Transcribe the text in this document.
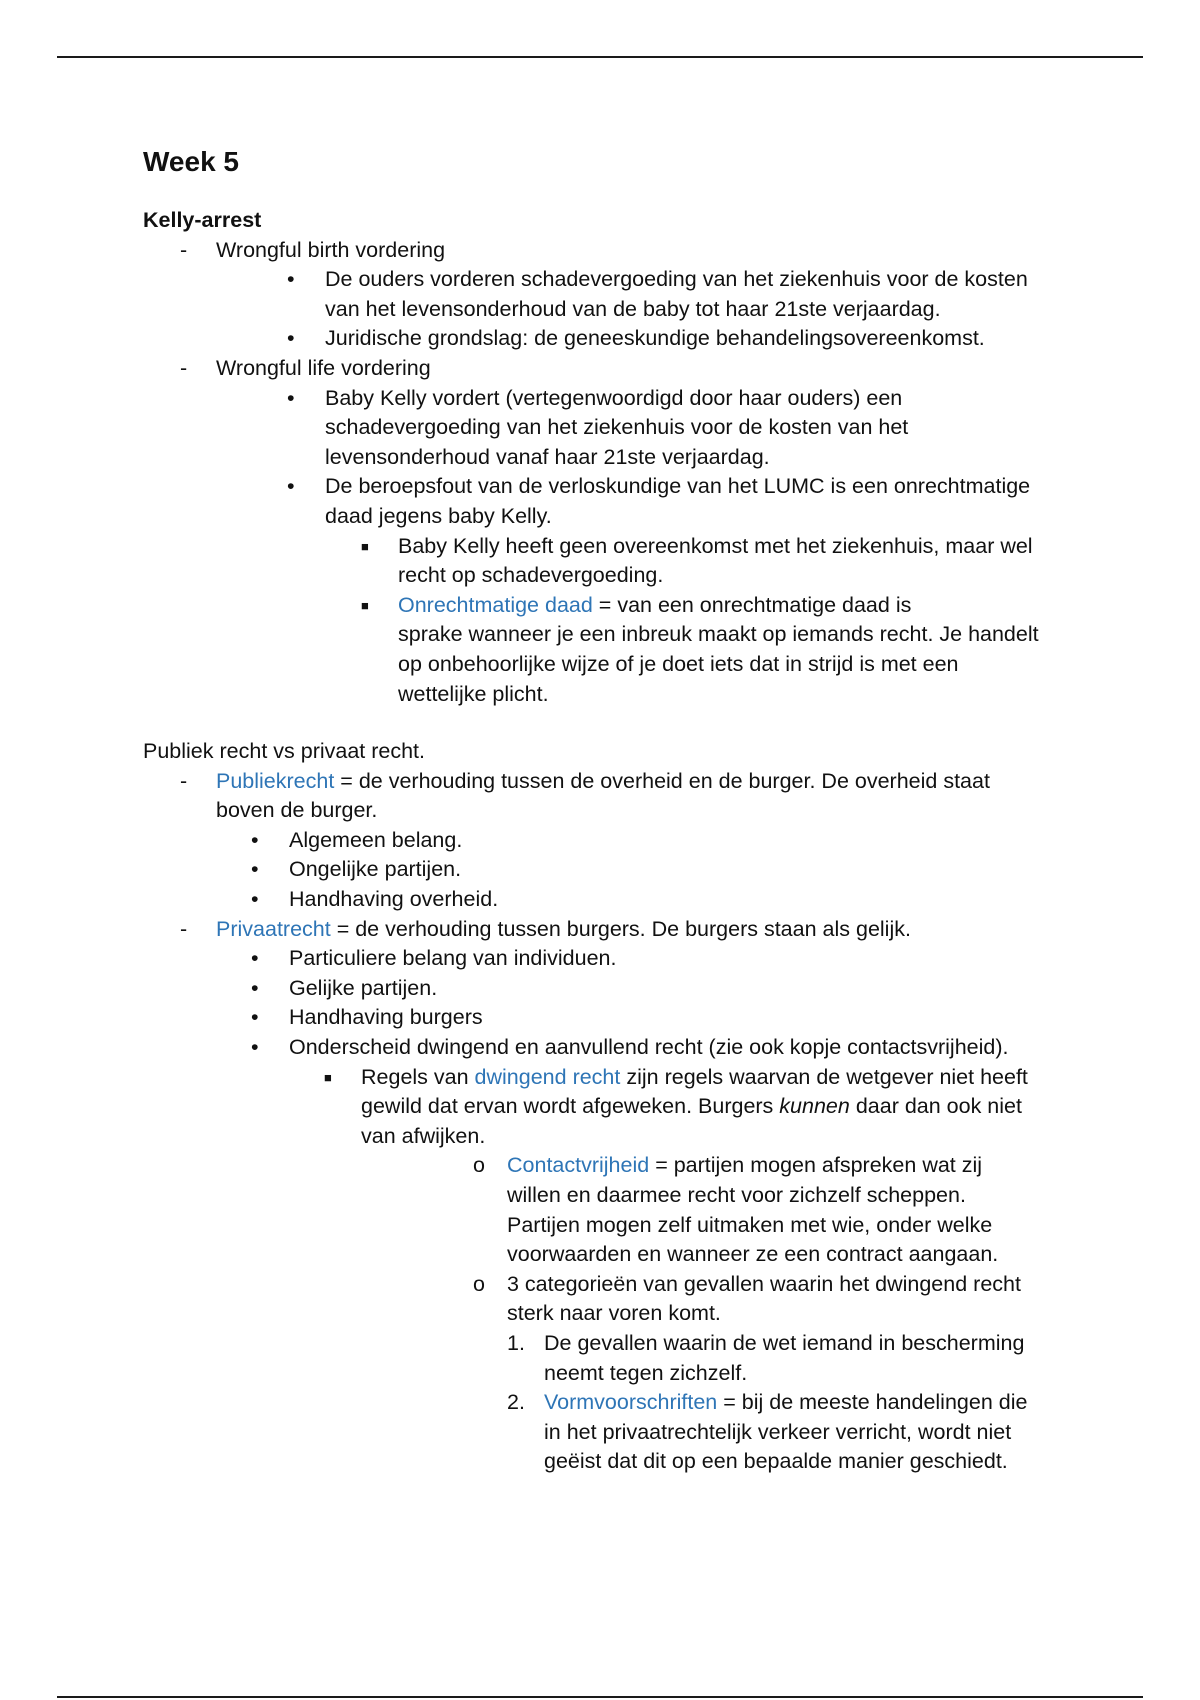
Week 5
Kelly-arrest
- Wrongful birth vordering
• De ouders vorderen schadevergoeding van het ziekenhuis voor de kosten
van het levensonderhoud van de baby tot haar 21ste verjaardag.
• Juridische grondslag: de geneeskundige behandelingsovereenkomst.
- Wrongful life vordering
• Baby Kelly vordert (vertegenwoordigd door haar ouders) een
schadevergoeding van het ziekenhuis voor de kosten van het
levensonderhoud vanaf haar 21ste verjaardag.
• De beroepsfout van de verloskundige van het LUMC is een onrechtmatige
daad jegens baby Kelly.
■ Baby Kelly heeft geen overeenkomst met het ziekenhuis, maar wel
recht op schadevergoeding.
■ Onrechtmatige daad = van een onrechtmatige daad is
sprake wanneer je een inbreuk maakt op iemands recht. Je handelt
op onbehoorlijke wijze of je doet iets dat in strijd is met een
wettelijke plicht.
Publiek recht vs privaat recht.
- Publiekrecht = de verhouding tussen de overheid en de burger. De overheid staat
boven de burger.
• Algemeen belang.
• Ongelijke partijen.
• Handhaving overheid.
- Privaatrecht = de verhouding tussen burgers. De burgers staan als gelijk.
• Particuliere belang van individuen.
• Gelijke partijen.
• Handhaving burgers
• Onderscheid dwingend en aanvullend recht (zie ook kopje contactsvrijheid).
■ Regels van dwingend recht zijn regels waarvan de wetgever niet heeft
gewild dat ervan wordt afgeweken. Burgers kunnen daar dan ook niet
van afwijken.
o Contactvrijheid = partijen mogen afspreken wat zij
willen en daarmee recht voor zichzelf scheppen.
Partijen mogen zelf uitmaken met wie, onder welke
voorwaarden en wanneer ze een contract aangaan.
o 3 categorieën van gevallen waarin het dwingend recht
sterk naar voren komt.
1. De gevallen waarin de wet iemand in bescherming
neemt tegen zichzelf.
2. Vormvoorschriften = bij de meeste handelingen die
in het privaatrechtelijk verkeer verricht, wordt niet
geëist dat dit op een bepaalde manier geschiedt.
